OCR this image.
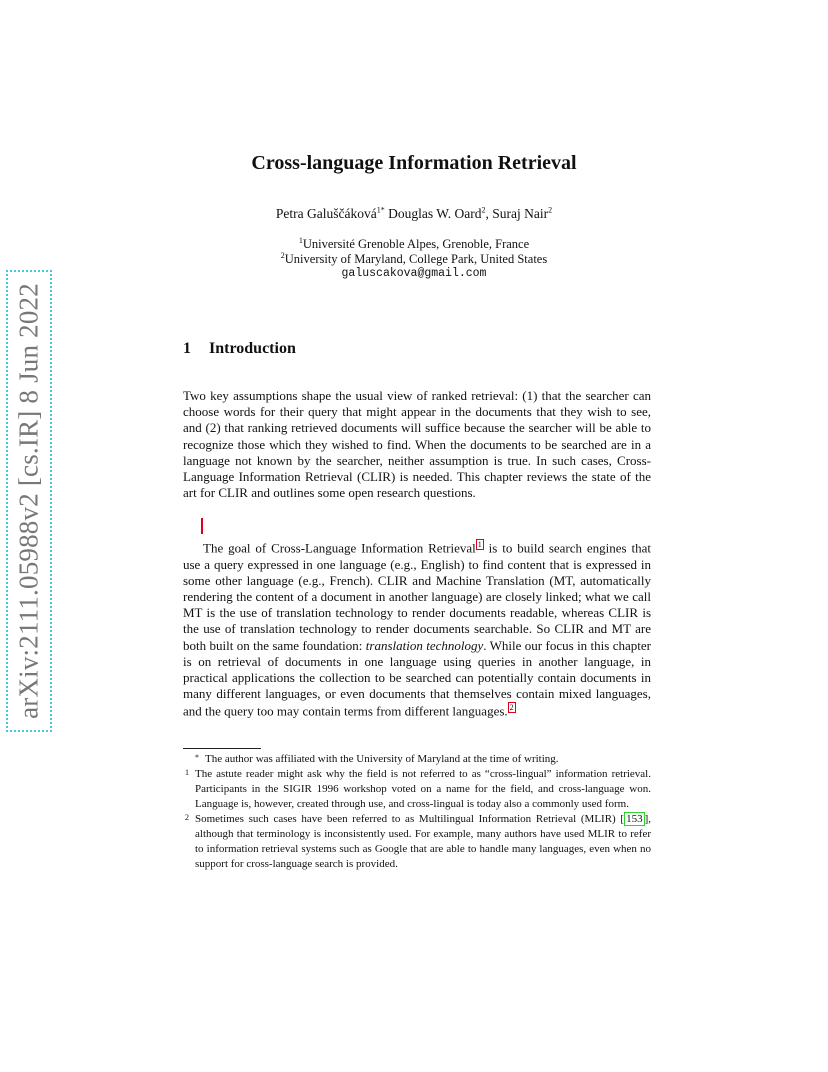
arXiv:2111.05988v2 [cs.IR] 8 Jun 2022
Cross-language Information Retrieval
Petra Galuščáková$^{1*}$ Douglas W. Oard$^2$, Suraj Nair$^2$
$^1$Université Grenoble Alpes, Grenoble, France
$^2$University of Maryland, College Park, United States
galuscakova@gmail.com
1 Introduction
Two key assumptions shape the usual view of ranked retrieval: (1) that the searcher can choose words for their query that might appear in the documents that they wish to see, and (2) that ranking retrieved documents will suffice because the searcher will be able to recognize those which they wished to find. When the documents to be searched are in a language not known by the searcher, neither assumption is true. In such cases, Cross-Language Information Retrieval (CLIR) is needed. This chapter reviews the state of the art for CLIR and outlines some open research questions.
The goal of Cross-Language Information Retrieval 1 is to build search engines that use a query expressed in one language (e.g., English) to find content that is expressed in some other language (e.g., French). CLIR and Machine Translation (MT, automatically rendering the content of a document in another language) are closely linked; what we call MT is the use of translation technology to render documents readable, whereas CLIR is the use of translation technology to render documents searchable. So CLIR and MT are both built on the same foundation: translation technology. While our focus in this chapter is on retrieval of documents in one language using queries in another language, in practical applications the collection to be searched can potentially contain documents in many different languages, or even documents that themselves contain mixed languages, and the query too may contain terms from different languages. 2
* The author was affiliated with the University of Maryland at the time of writing.
1 The astute reader might ask why the field is not referred to as “cross-lingual” information retrieval. Participants in the SIGIR 1996 workshop voted on a name for the field, and cross-language won. Language is, however, created through use, and cross-lingual is today also a commonly used form.
2 Sometimes such cases have been referred to as Multilingual Information Retrieval (MLIR) [ 153 ], although that terminology is inconsistently used. For example, many authors have used MLIR to refer to information retrieval systems such as Google that are able to handle many languages, even when no support for cross-language search is provided.
